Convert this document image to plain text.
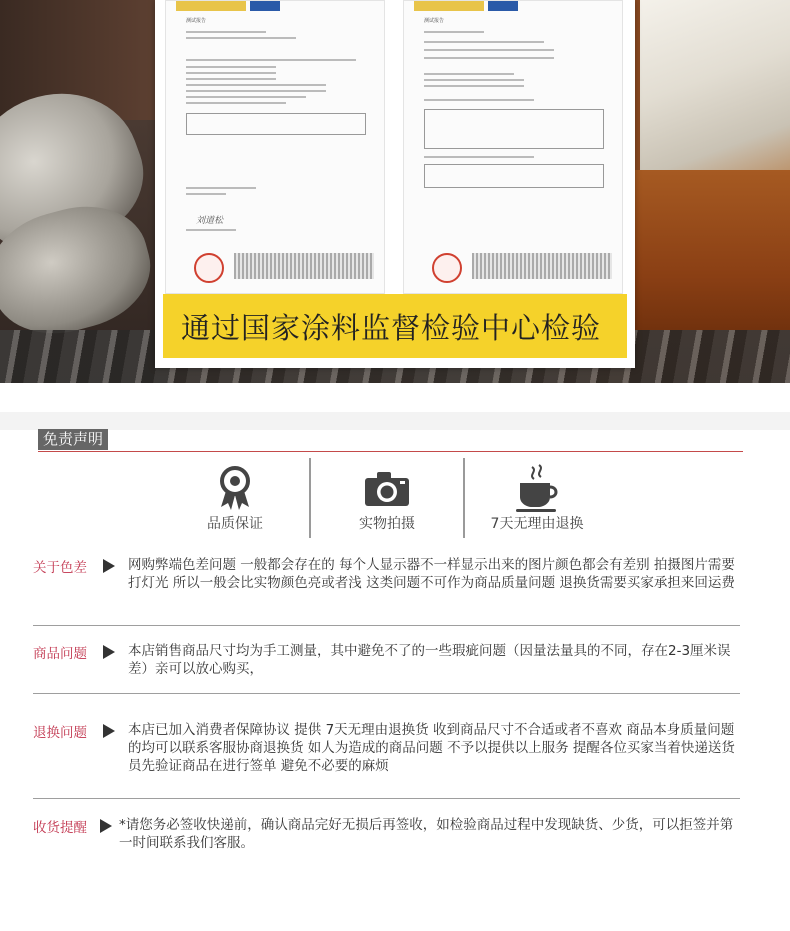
测试报告
刘道松
测试报告
通过国家涂料监督检验中心检验
免责声明
品质保证	实物拍摄	7天无理由退换
关于色差	网购弊端色差问题 一般都会存在的 每个人显示器不一样显示出来的图片颜色都会有差别 拍摄图片需要打灯光 所以一般会比实物颜色亮或者浅 这类问题不可作为商品质量问题 退换货需要买家承担来回运费
商品问题	本店销售商品尺寸均为手工测量，其中避免不了的一些瑕疵问题（因量法量具的不同，存在2-3厘米误差）亲可以放心购买，
退换问题	本店已加入消费者保障协议 提供 7天无理由退换货 收到商品尺寸不合适或者不喜欢 商品本身质量问题的均可以联系客服协商退换货 如人为造成的商品问题 不予以提供以上服务 提醒各位买家当着快递送货员先验证商品在进行签单 避免不必要的麻烦
收货提醒 *请您务必签收快递前，确认商品完好无损后再签收，如检验商品过程中发现缺货、少货，可以拒签并第一时间联系我们客服。
